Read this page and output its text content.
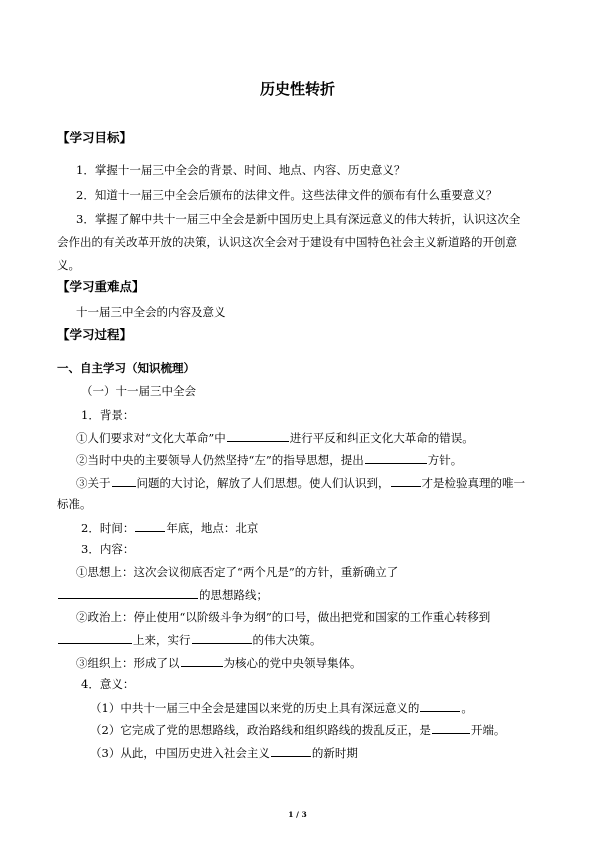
历史性转折
【学习目标】
1．掌握十一届三中全会的背景、时间、地点、内容、历史意义？
2．知道十一届三中全会后颁布的法律文件。这些法律文件的颁布有什么重要意义？
3．掌握了解中共十一届三中全会是新中国历史上具有深远意义的伟大转折，认识这次全
会作出的有关改革开放的决策，认识这次全会对于建设有中国特色社会主义新道路的开创意
义。
【学习重难点】
十一届三中全会的内容及意义
【学习过程】
一、自主学习（知识梳理）
（一）十一届三中全会
1．背景：
①人们要求对“文化大革命”中	进行平反和纠正文化大革命的错误。
②当时中央的主要领导人仍然坚持“左”的指导思想，提出	方针。
③关于 问题的大讨论，解放了人们思想。使人们认识到，	才是检验真理的唯一
标准。
2．时间：	年底，地点：北京
3．内容：
①思想上：这次会议彻底否定了“两个凡是”的方针，重新确立了
的思想路线；
②政治上：停止使用“以阶级斗争为纲”的口号，做出把党和国家的工作重心转移到
上来，实行	的伟大决策。
③组织上：形成了以	为核心的党中央领导集体。
4．意义：
（1）中共十一届三中全会是建国以来党的历史上具有深远意义的	。
（2）它完成了党的思想路线，政治路线和组织路线的拨乱反正，是	开端。
（3）从此，中国历史进入社会主义	的新时期
1 / 3
